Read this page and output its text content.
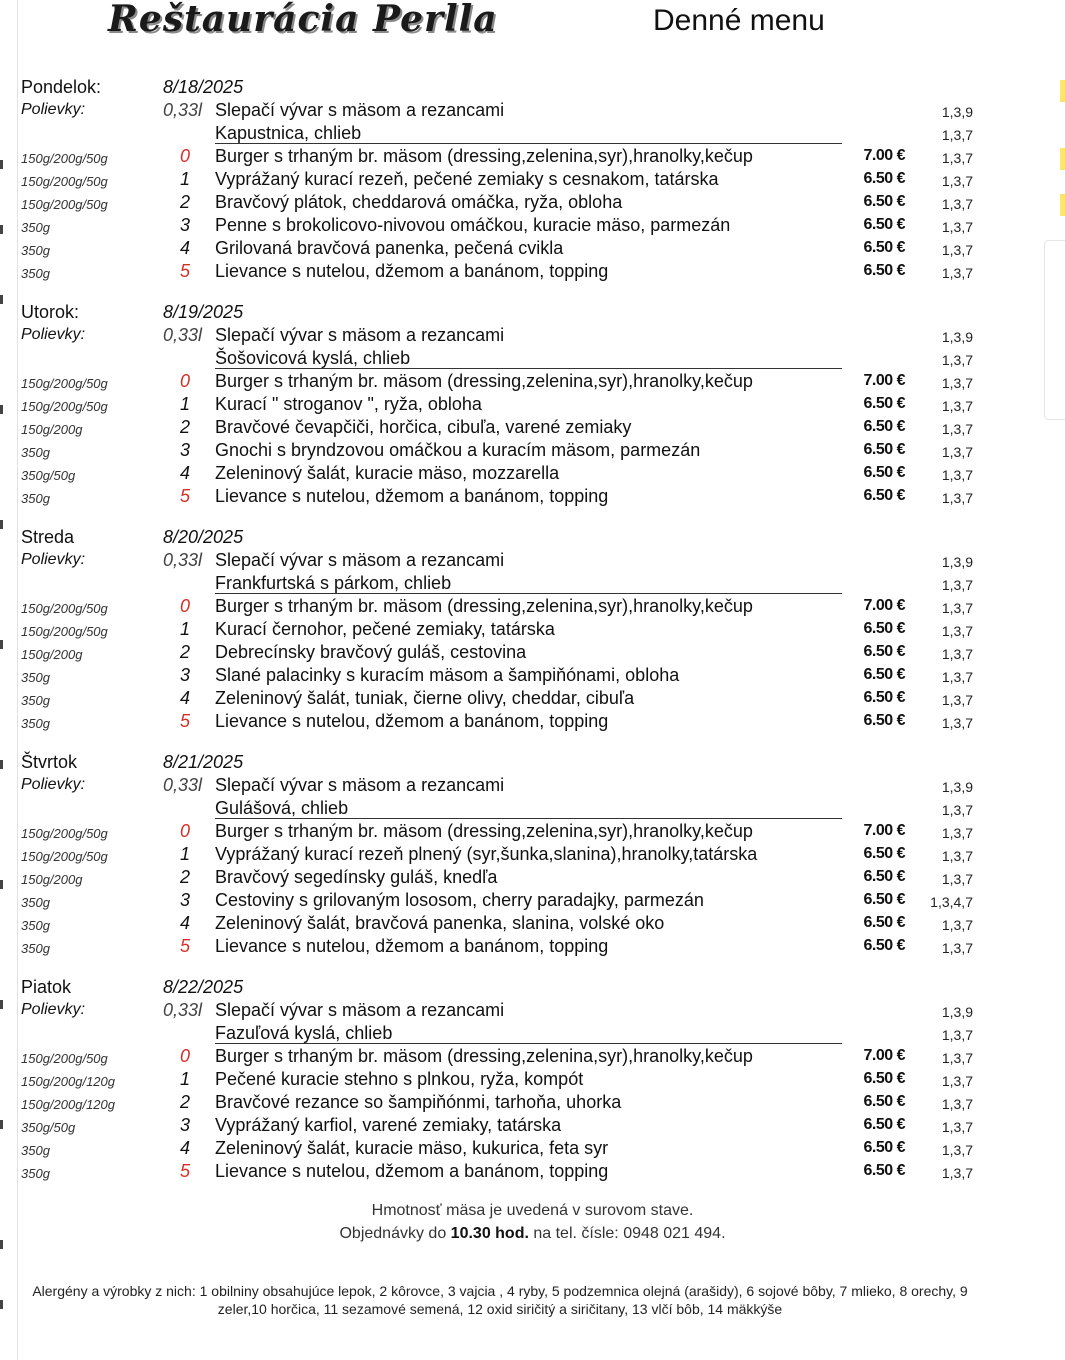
Reštaurácia Perlla	Denné menu
Pondelok:	8/18/2025
Polievky:	0,33l Slepačí vývar s mäsom a rezancami	1,3,9
Kapustnica, chlieb	1,3,7
150g/200g/50g	0 Burger s trhaným br. mäsom (dressing,zelenina,syr),hranolky,kečup	7.00 €	1,3,7
150g/200g/50g	1 Vyprážaný kurací rezeň, pečené zemiaky s cesnakom, tatárska	6.50 €	1,3,7
150g/200g/50g	2 Bravčový plátok, cheddarová omáčka, ryža, obloha	6.50 €	1,3,7
350g	3 Penne s brokolicovo-nivovou omáčkou, kuracie mäso, parmezán	6.50 €	1,3,7
350g	4 Grilovaná bravčová panenka, pečená cvikla	6.50 €	1,3,7
350g	5 Lievance s nutelou, džemom a banánom, topping	6.50 €	1,3,7
Utorok:	8/19/2025
Polievky:	0,33l Slepačí vývar s mäsom a rezancami	1,3,9
Šošovicová kyslá, chlieb	1,3,7
150g/200g/50g	0 Burger s trhaným br. mäsom (dressing,zelenina,syr),hranolky,kečup	7.00 €	1,3,7
150g/200g/50g	1 Kurací " stroganov ", ryža, obloha	6.50 €	1,3,7
150g/200g	2 Bravčové čevapčiči, horčica, cibuľa, varené zemiaky	6.50 €	1,3,7
350g	3 Gnochi s bryndzovou omáčkou a kuracím mäsom, parmezán	6.50 €	1,3,7
350g/50g	4 Zeleninový šalát, kuracie mäso, mozzarella	6.50 €	1,3,7
350g	5 Lievance s nutelou, džemom a banánom, topping	6.50 €	1,3,7
Streda	8/20/2025
Polievky:	0,33l Slepačí vývar s mäsom a rezancami	1,3,9
Frankfurtská s párkom, chlieb	1,3,7
150g/200g/50g	0 Burger s trhaným br. mäsom (dressing,zelenina,syr),hranolky,kečup	7.00 €	1,3,7
150g/200g/50g	1 Kurací černohor, pečené zemiaky, tatárska	6.50 €	1,3,7
150g/200g	2 Debrecínsky bravčový guláš, cestovina	6.50 €	1,3,7
350g	3 Slané palacinky s kuracím mäsom a šampiňónami, obloha	6.50 €	1,3,7
350g	4 Zeleninový šalát, tuniak, čierne olivy, cheddar, cibuľa	6.50 €	1,3,7
350g	5 Lievance s nutelou, džemom a banánom, topping	6.50 €	1,3,7
Štvrtok	8/21/2025
Polievky:	0,33l Slepačí vývar s mäsom a rezancami	1,3,9
Gulášová, chlieb	1,3,7
150g/200g/50g	0 Burger s trhaným br. mäsom (dressing,zelenina,syr),hranolky,kečup	7.00 €	1,3,7
150g/200g/50g	1 Vyprážaný kurací rezeň plnený (syr,šunka,slanina),hranolky,tatárska	6.50 €	1,3,7
150g/200g	2 Bravčový segedínsky guláš, knedľa	6.50 €	1,3,7
350g	3 Cestoviny s grilovaným lososom, cherry paradajky, parmezán	6.50 €	1,3,4,7
350g	4 Zeleninový šalát, bravčová panenka, slanina, volské oko	6.50 €	1,3,7
350g	5 Lievance s nutelou, džemom a banánom, topping	6.50 €	1,3,7
Piatok	8/22/2025
Polievky:	0,33l Slepačí vývar s mäsom a rezancami	1,3,9
Fazuľová kyslá, chlieb	1,3,7
150g/200g/50g	0 Burger s trhaným br. mäsom (dressing,zelenina,syr),hranolky,kečup	7.00 €	1,3,7
150g/200g/120g	1 Pečené kuracie stehno s plnkou, ryža, kompót	6.50 €	1,3,7
150g/200g/120g	2 Bravčové rezance so šampiňónmi, tarhoňa, uhorka	6.50 €	1,3,7
350g/50g	3 Vyprážaný karfiol, varené zemiaky, tatárska	6.50 €	1,3,7
350g	4 Zeleninový šalát, kuracie mäso, kukurica, feta syr	6.50 €	1,3,7
350g	5 Lievance s nutelou, džemom a banánom, topping	6.50 €	1,3,7
Hmotnosť mäsa je uvedená v surovom stave.
Objednávky do 10.30 hod. na tel. čísle: 0948 021 494.

Alergény a výrobky z nich: 1 obilniny obsahujúce lepok, 2 kôrovce, 3 vajcia , 4 ryby, 5 podzemnica olejná (arašidy), 6 sojové bôby, 7 mlieko, 8 orechy, 9 zeler,10 horčica, 11 sezamové semená, 12 oxid siričitý a siričitany, 13 vlčí bôb, 14 mäkkýše
